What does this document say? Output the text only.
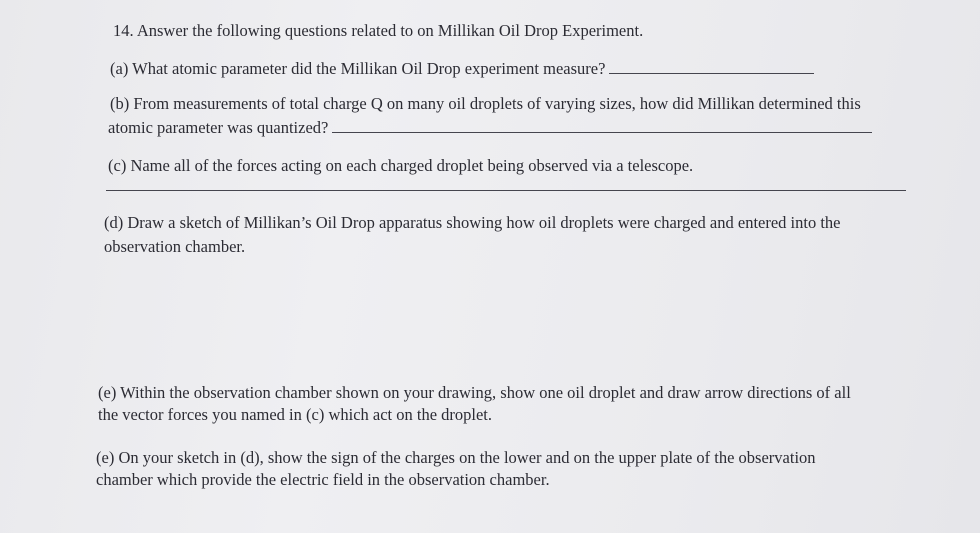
14. Answer the following questions related to on Millikan Oil Drop Experiment.
(a) What atomic parameter did the Millikan Oil Drop experiment measure?
(b) From measurements of total charge Q on many oil droplets of varying sizes, how did Millikan determined this
atomic parameter was quantized?
(c) Name all of the forces acting on each charged droplet being observed via a telescope.
(d) Draw a sketch of Millikan’s Oil Drop apparatus showing how oil droplets were charged and entered into the
observation chamber.
(e) Within the observation chamber shown on your drawing, show one oil droplet and draw arrow directions of all
the vector forces you named in (c) which act on the droplet.
(e) On your sketch in (d), show the sign of the charges on the lower and on the upper plate of the observation
chamber which provide the electric field in the observation chamber.
